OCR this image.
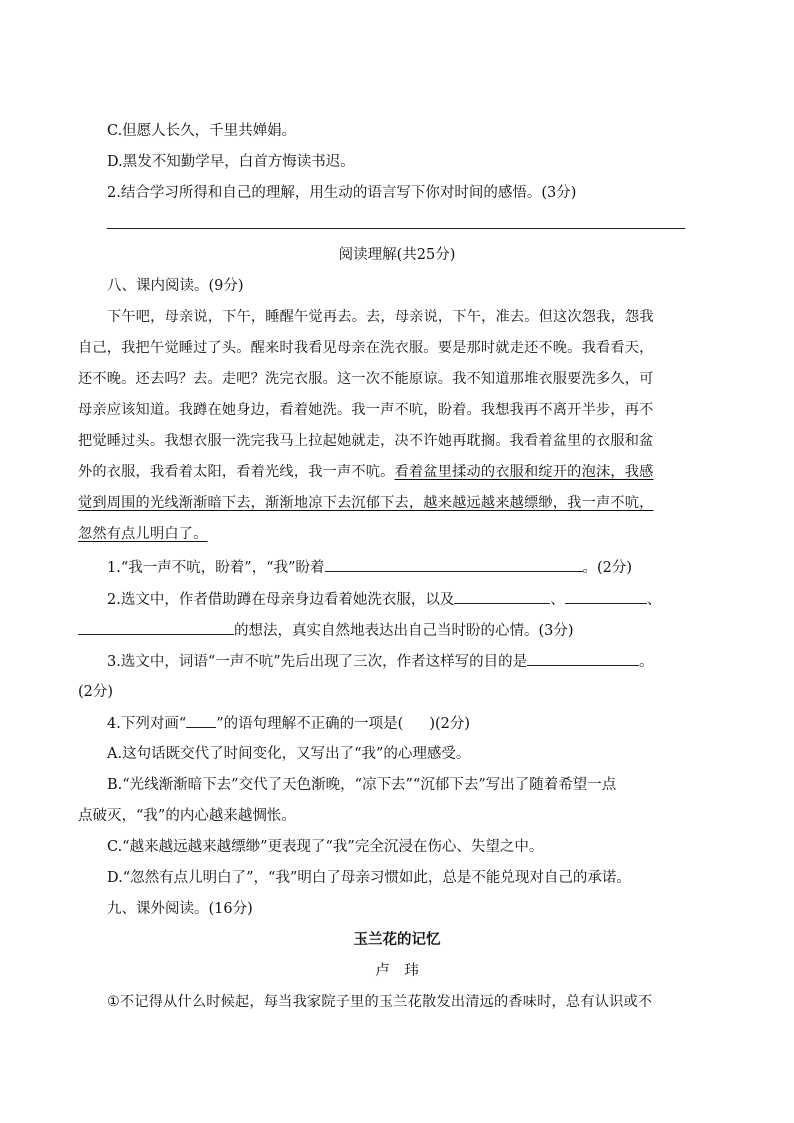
C.但愿人长久，千里共婵娟。
D.黑发不知勤学早，白首方悔读书迟。
2.结合学习所得和自己的理解，用生动的语言写下你对时间的感悟。(3分)
阅读理解(共25分)
八、课内阅读。(9分)
下午吧，母亲说，下午，睡醒午觉再去。去，母亲说，下午，准去。但这次怨我，怨我
自己，我把午觉睡过了头。醒来时我看见母亲在洗衣服。要是那时就走还不晚。我看看天，
还不晚。还去吗？去。走吧？洗完衣服。这一次不能原谅。我不知道那堆衣服要洗多久，可
母亲应该知道。我蹲在她身边，看着她洗。我一声不吭，盼着。我想我再不离开半步，再不
把觉睡过头。我想衣服一洗完我马上拉起她就走，决不许她再耽搁。我看着盆里的衣服和盆
外的衣服，我看着太阳，看着光线，我一声不吭。看着盆里揉动的衣服和绽开的泡沫，我感
觉到周围的光线渐渐暗下去，渐渐地凉下去沉郁下去，越来越远越来越缥缈，我一声不吭，
忽然有点儿明白了。
1.“我一声不吭，盼着”，“我”盼着	。(2分)
2.选文中，作者借助蹲在母亲身边看着她洗衣服，以及	、	、
的想法，真实自然地表达出自己当时盼的心情。(3分)
3.选文中，词语“一声不吭”先后出现了三次，作者这样写的目的是	。
(2分)
4.下列对画“ ”的语句理解不正确的一项是( )(2分)
A.这句话既交代了时间变化，又写出了“我”的心理感受。
B.“光线渐渐暗下去”交代了天色渐晚，“凉下去”“沉郁下去”写出了随着希望一点
点破灭，“我”的内心越来越惆怅。
C.“越来越远越来越缥缈”更表现了“我”完全沉浸在伤心、失望之中。
D.“忽然有点儿明白了”，“我”明白了母亲习惯如此，总是不能兑现对自己的承诺。
九、课外阅读。(16分)
玉兰花的记忆
卢　玮
①不记得从什么时候起，每当我家院子里的玉兰花散发出清远的香味时，总有认识或不
